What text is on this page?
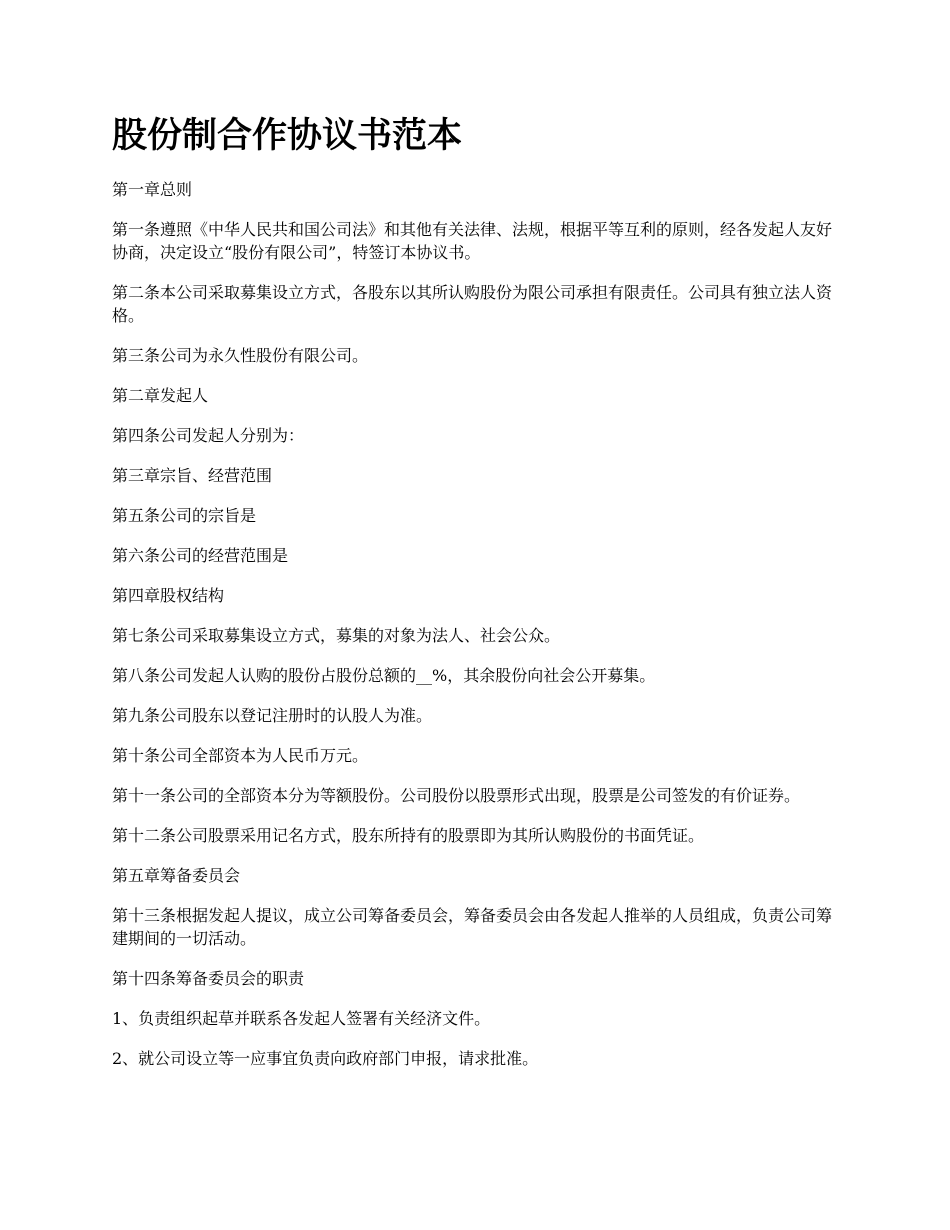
股份制合作协议书范本

第一章总则

第一条遵照《中华人民共和国公司法》和其他有关法律、法规，根据平等互利的原则，经各发起人友好协商，决定设立“股份有限公司”，特签订本协议书。

第二条本公司采取募集设立方式，各股东以其所认购股份为限公司承担有限责任。公司具有独立法人资格。

第三条公司为永久性股份有限公司。

第二章发起人

第四条公司发起人分别为：

第三章宗旨、经营范围

第五条公司的宗旨是

第六条公司的经营范围是

第四章股权结构

第七条公司采取募集设立方式，募集的对象为法人、社会公众。

第八条公司发起人认购的股份占股份总额的__%，其余股份向社会公开募集。

第九条公司股东以登记注册时的认股人为准。

第十条公司全部资本为人民币万元。

第十一条公司的全部资本分为等额股份。公司股份以股票形式出现，股票是公司签发的有价证券。

第十二条公司股票采用记名方式，股东所持有的股票即为其所认购股份的书面凭证。

第五章筹备委员会

第十三条根据发起人提议，成立公司筹备委员会，筹备委员会由各发起人推举的人员组成，负责公司筹建期间的一切活动。

第十四条筹备委员会的职责

1、负责组织起草并联系各发起人签署有关经济文件。

2、就公司设立等一应事宜负责向政府部门申报，请求批准。
